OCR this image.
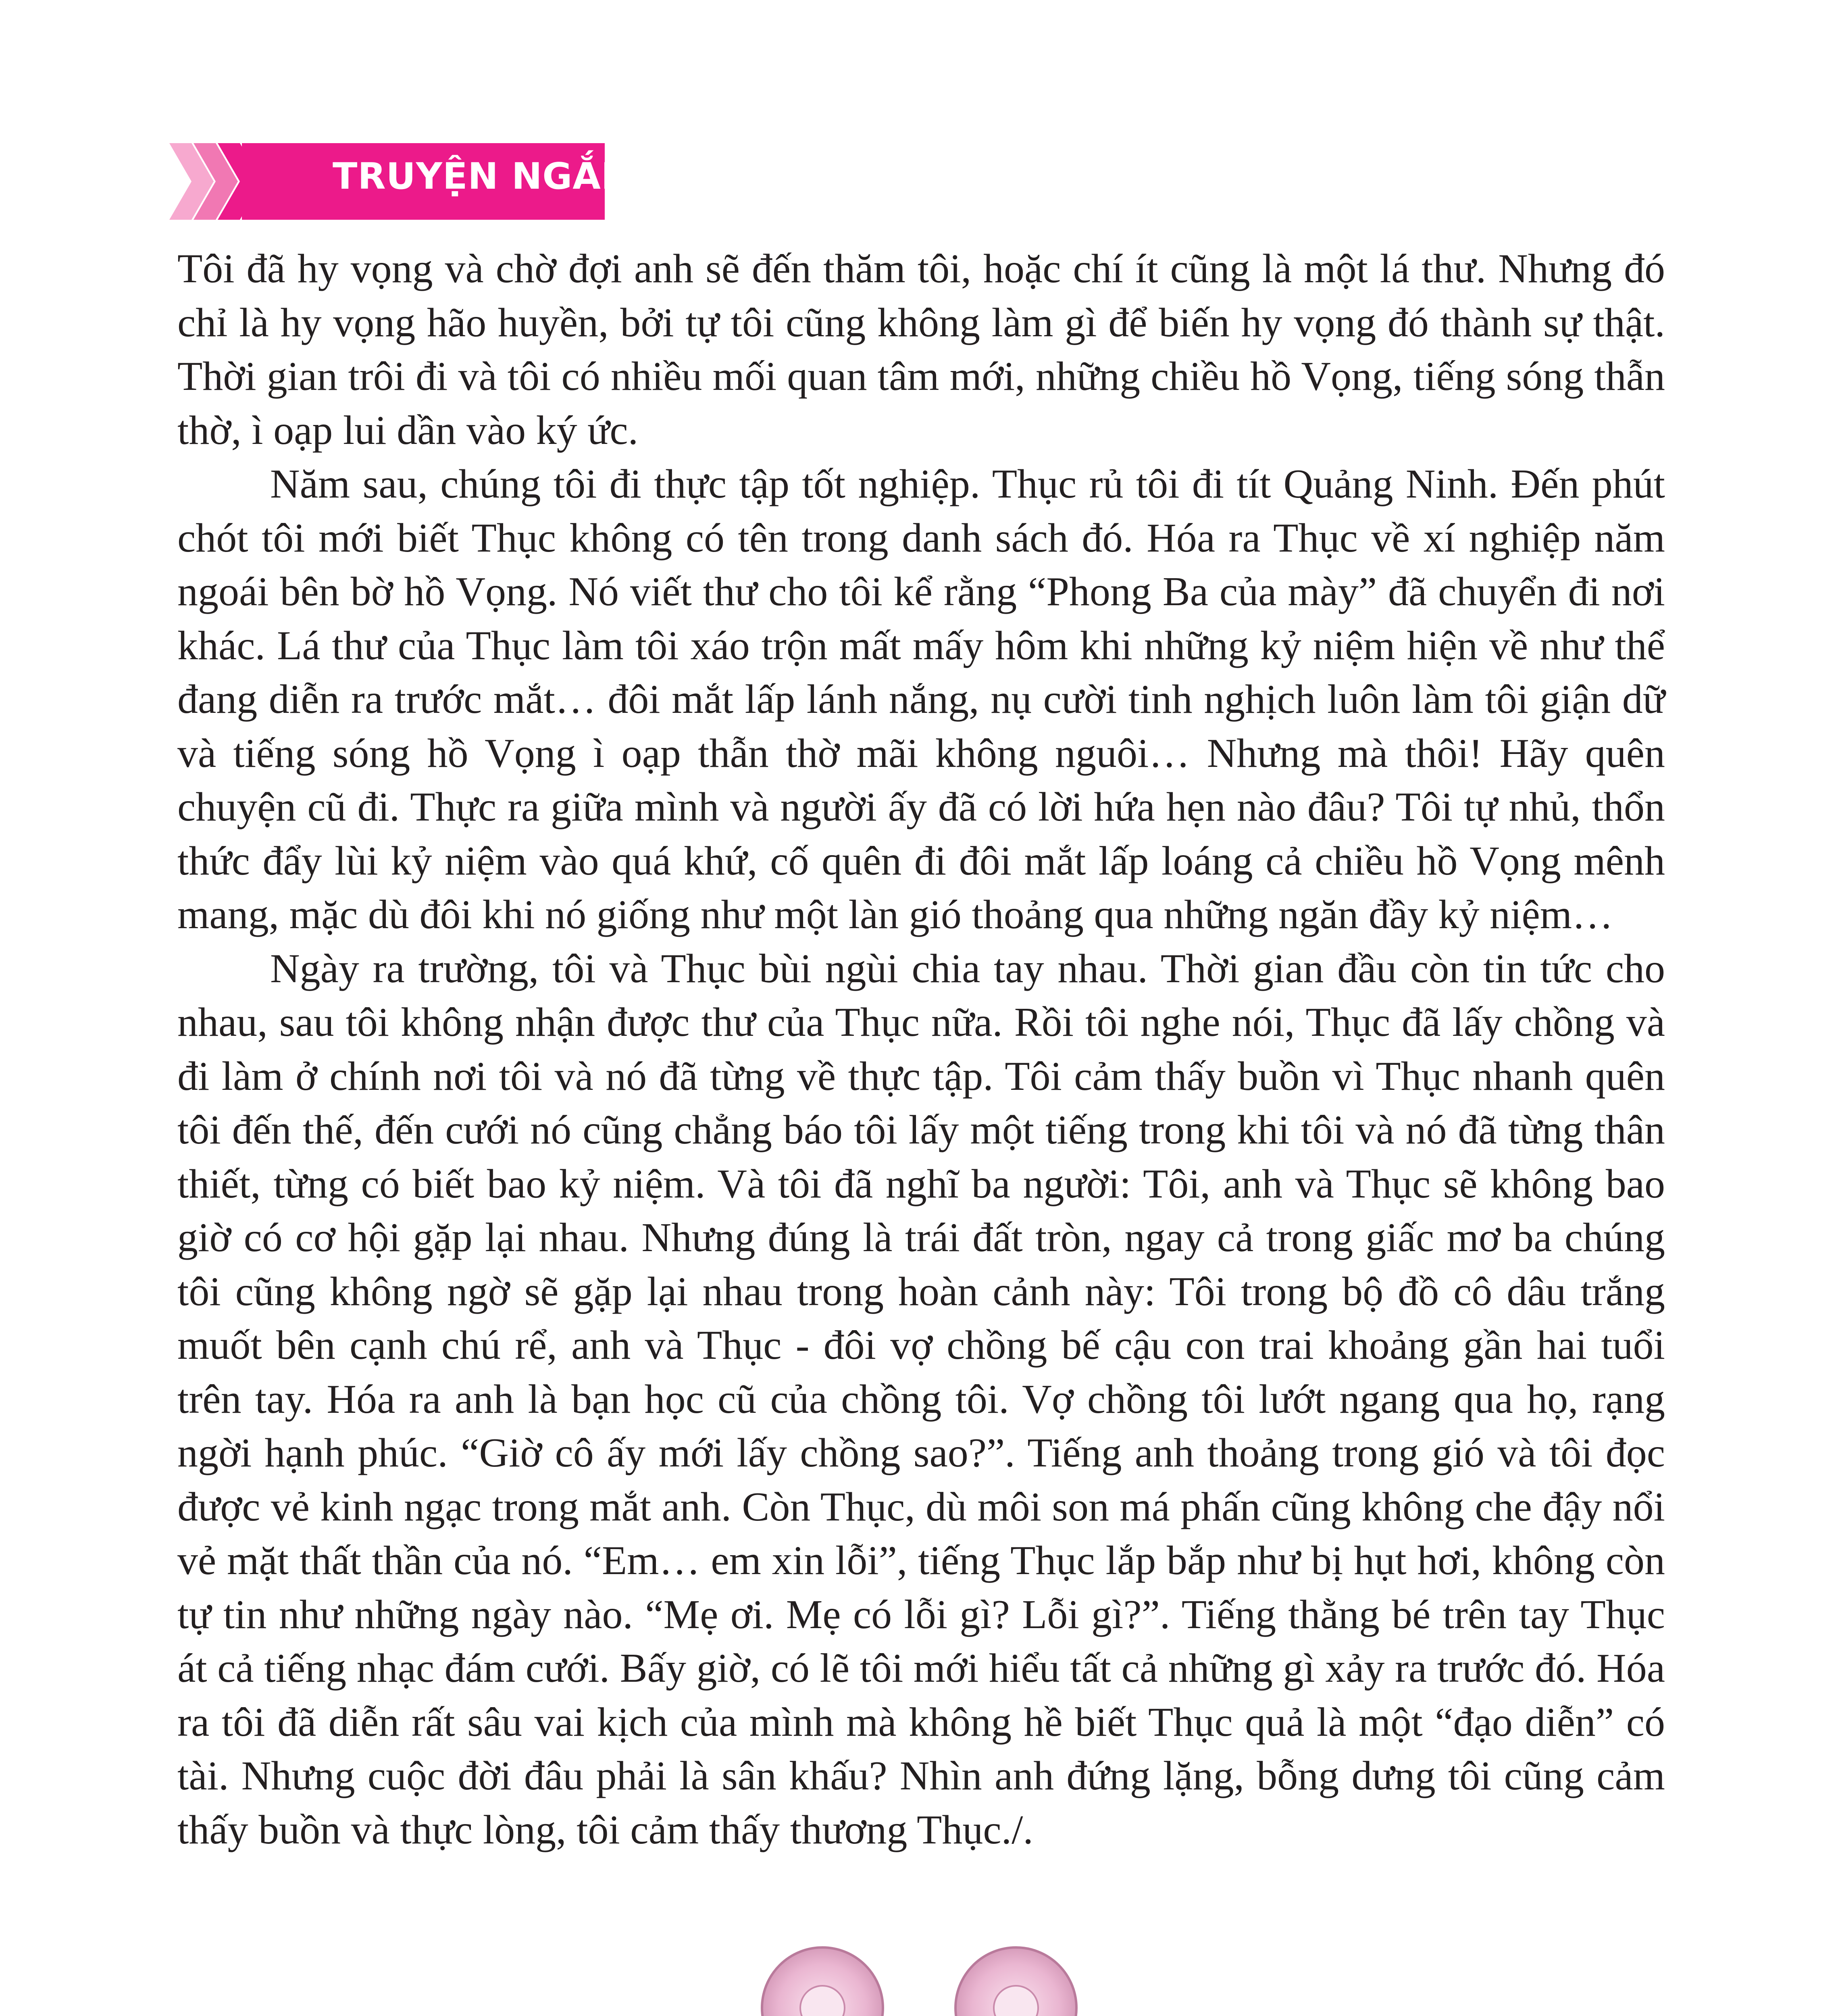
TRUYỆN NGẮN

Tôi đã hy vọng và chờ đợi anh sẽ đến thăm tôi, hoặc chí ít cũng là một lá thư. Nhưng đó chỉ là hy vọng hão huyền, bởi tự tôi cũng không làm gì để biến hy vọng đó thành sự thật. Thời gian trôi đi và tôi có nhiều mối quan tâm mới, những chiều hồ Vọng, tiếng sóng thẫn thờ, ì oạp lui dần vào ký ức.

Năm sau, chúng tôi đi thực tập tốt nghiệp. Thục rủ tôi đi tít Quảng Ninh. Đến phút chót tôi mới biết Thục không có tên trong danh sách đó. Hóa ra Thục về xí nghiệp năm ngoái bên bờ hồ Vọng. Nó viết thư cho tôi kể rằng “Phong Ba của mày” đã chuyển đi nơi khác. Lá thư của Thục làm tôi xáo trộn mất mấy hôm khi những kỷ niệm hiện về như thể đang diễn ra trước mắt… đôi mắt lấp lánh nắng, nụ cười tinh nghịch luôn làm tôi giận dữ và tiếng sóng hồ Vọng ì oạp thẫn thờ mãi không nguôi… Nhưng mà thôi! Hãy quên chuyện cũ đi. Thực ra giữa mình và người ấy đã có lời hứa hẹn nào đâu? Tôi tự nhủ, thổn thức đẩy lùi kỷ niệm vào quá khứ, cố quên đi đôi mắt lấp loáng cả chiều hồ Vọng mênh mang, mặc dù đôi khi nó giống như một làn gió thoảng qua những ngăn đầy kỷ niệm…

Ngày ra trường, tôi và Thục bùi ngùi chia tay nhau. Thời gian đầu còn tin tức cho nhau, sau tôi không nhận được thư của Thục nữa. Rồi tôi nghe nói, Thục đã lấy chồng và đi làm ở chính nơi tôi và nó đã từng về thực tập. Tôi cảm thấy buồn vì Thục nhanh quên tôi đến thế, đến cưới nó cũng chẳng báo tôi lấy một tiếng trong khi tôi và nó đã từng thân thiết, từng có biết bao kỷ niệm. Và tôi đã nghĩ ba người: Tôi, anh và Thục sẽ không bao giờ có cơ hội gặp lại nhau. Nhưng đúng là trái đất tròn, ngay cả trong giấc mơ ba chúng tôi cũng không ngờ sẽ gặp lại nhau trong hoàn cảnh này: Tôi trong bộ đồ cô dâu trắng muốt bên cạnh chú rể, anh và Thục - đôi vợ chồng bế cậu con trai khoảng gần hai tuổi trên tay. Hóa ra anh là bạn học cũ của chồng tôi. Vợ chồng tôi lướt ngang qua họ, rạng ngời hạnh phúc. “Giờ cô ấy mới lấy chồng sao?”. Tiếng anh thoảng trong gió và tôi đọc được vẻ kinh ngạc trong mắt anh. Còn Thục, dù môi son má phấn cũng không che đậy nổi vẻ mặt thất thần của nó. “Em… em xin lỗi”, tiếng Thục lắp bắp như bị hụt hơi, không còn tự tin như những ngày nào. “Mẹ ơi. Mẹ có lỗi gì? Lỗi gì?”. Tiếng thằng bé trên tay Thục át cả tiếng nhạc đám cưới. Bấy giờ, có lẽ tôi mới hiểu tất cả những gì xảy ra trước đó. Hóa ra tôi đã diễn rất sâu vai kịch của mình mà không hề biết Thục quả là một “đạo diễn” có tài. Nhưng cuộc đời đâu phải là sân khấu? Nhìn anh đứng lặng, bỗng dưng tôi cũng cảm thấy buồn và thực lòng, tôi cảm thấy thương Thục./.
